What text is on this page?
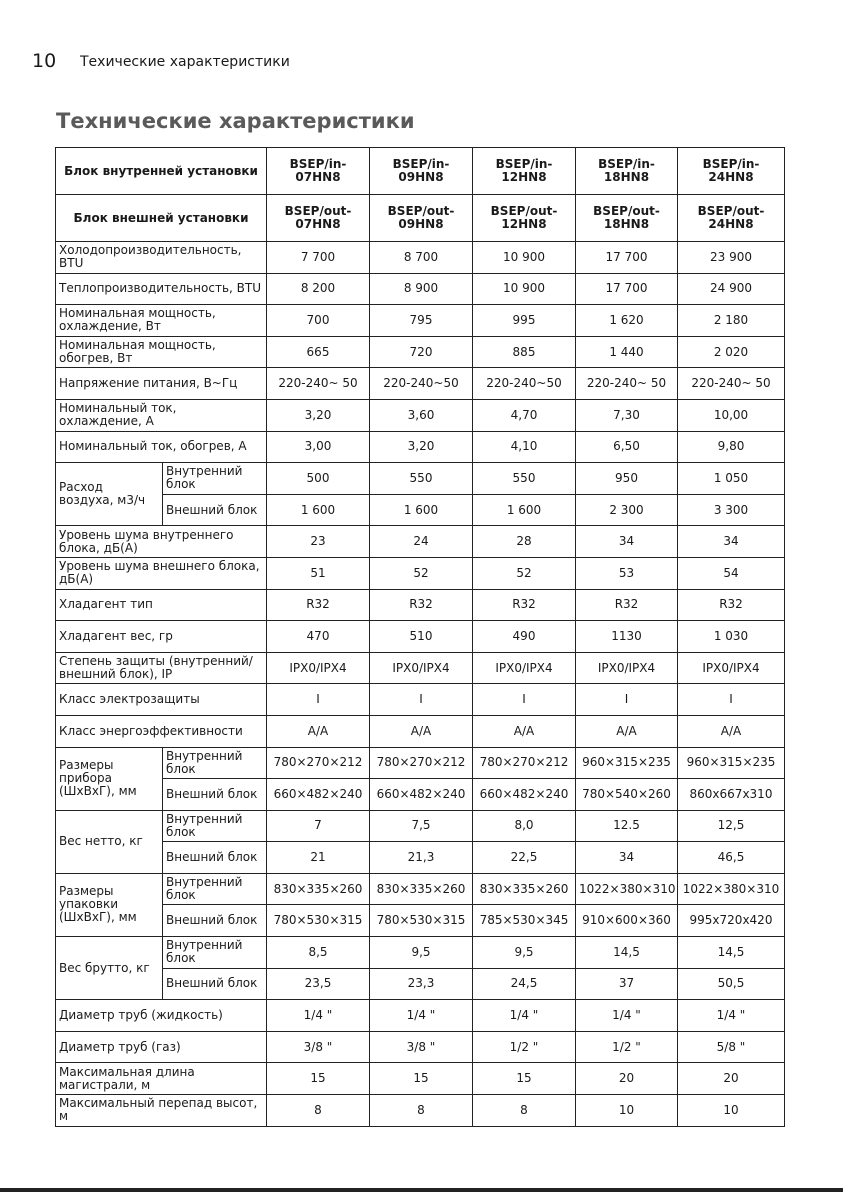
10 Техические характеристики
Технические характеристики
Блок внутренней установки		BSEP/in-07HN8	BSEP/in-09HN8	BSEP/in-12HN8	BSEP/in-18HN8	BSEP/in-24HN8
Блок внешней установки		BSEP/out-07HN8	BSEP/out-09HN8	BSEP/out-12HN8	BSEP/out-18HN8	BSEP/out-24HN8
Холодопроизводительность, BTU		7 700	8 700	10 900	17 700	23 900
Теплопроизводительность, BTU		8 200	8 900	10 900	17 700	24 900
Номинальная мощность, охлаждение, Вт		700	795	995	1 620	2 180
Номинальная мощность, обогрев, Вт		665	720	885	1 440	2 020
Напряжение питания, В~Гц		220-240~ 50	220-240~50	220-240~50	220-240~ 50	220-240~ 50
Номинальный ток, охлаждение, А		3,20	3,60	4,70	7,30	10,00
Номинальный ток, обогрев, А		3,00	3,20	4,10	6,50	9,80
Расход воздуха, м3/ч	Внутренний блок	500	550	550	950	1 050
	Внешний блок	1 600	1 600	1 600	2 300	3 300
Уровень шума внутреннего блока, дБ(А)		23	24	28	34	34
Уровень шума внешнего блока, дБ(А)		51	52	52	53	54
Хладагент тип		R32	R32	R32	R32	R32
Хладагент вес, гр		470	510	490	1130	1 030
Степень защиты (внутренний/внешний блок), IP		IPX0/IPX4	IPX0/IPX4	IPX0/IPX4	IPX0/IPX4	IPX0/IPX4
Класс электрозащиты		I	I	I	I	I
Класс энергоэффективности		A/A	A/A	A/A	A/A	A/A
Размеры прибора (ШхВхГ), мм	Внутренний блок	780×270×212	780×270×212	780×270×212	960×315×235	960×315×235
	Внешний блок	660×482×240	660×482×240	660×482×240	780×540×260	860x667x310
Вес нетто, кг	Внутренний блок	7	7,5	8,0	12.5	12,5
	Внешний блок	21	21,3	22,5	34	46,5
Размеры упаковки (ШхВхГ), мм	Внутренний блок	830×335×260	830×335×260	830×335×260	1022×380×310	1022×380×310
	Внешний блок	780×530×315	780×530×315	785×530×345	910×600×360	995x720x420
Вес брутто, кг	Внутренний блок	8,5	9,5	9,5	14,5	14,5
	Внешний блок	23,5	23,3	24,5	37	50,5
Диаметр труб (жидкость)		1/4 "	1/4 "	1/4 "	1/4 "	1/4 "
Диаметр труб (газ)		3/8 "	3/8 "	1/2 "	1/2 "	5/8 "
Максимальная длина магистрали, м		15	15	15	20	20
Максимальный перепад высот, м		8	8	8	10	10
